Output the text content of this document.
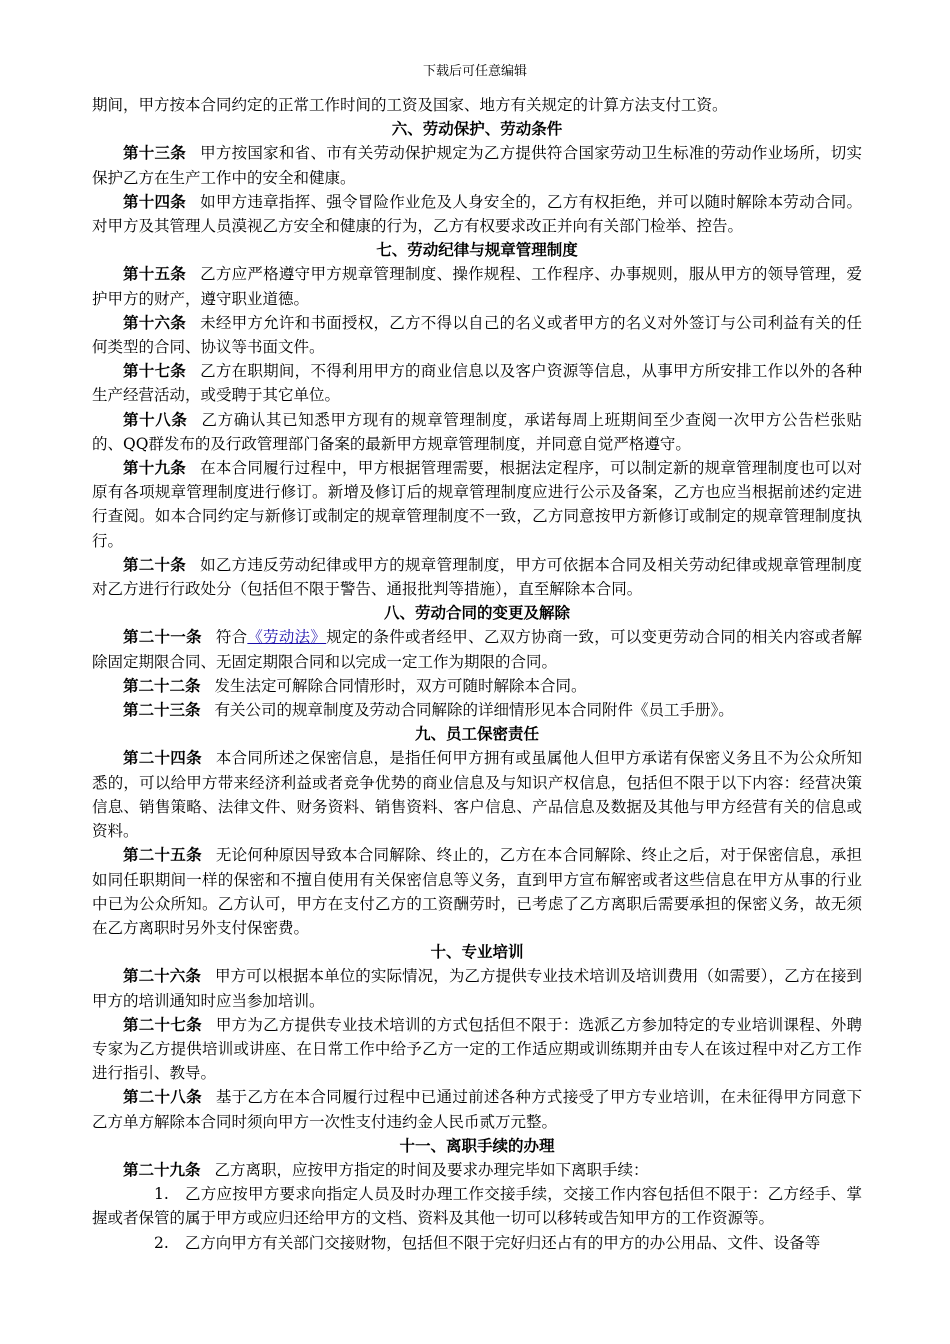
下载后可任意编辑

期间，甲方按本合同约定的正常工作时间的工资及国家、地方有关规定的计算方法支付工资。

六、劳动保护、劳动条件

第十三条 甲方按国家和省、市有关劳动保护规定为乙方提供符合国家劳动卫生标准的劳动作业场所，切实保护乙方在生产工作中的安全和健康。

第十四条 如甲方违章指挥、强令冒险作业危及人身安全的，乙方有权拒绝，并可以随时解除本劳动合同。对甲方及其管理人员漠视乙方安全和健康的行为，乙方有权要求改正并向有关部门检举、控告。

七、劳动纪律与规章管理制度

第十五条 乙方应严格遵守甲方规章管理制度、操作规程、工作程序、办事规则，服从甲方的领导管理，爱护甲方的财产，遵守职业道德。

第十六条 未经甲方允许和书面授权，乙方不得以自己的名义或者甲方的名义对外签订与公司利益有关的任何类型的合同、协议等书面文件。

第十七条 乙方在职期间，不得利用甲方的商业信息以及客户资源等信息，从事甲方所安排工作以外的各种生产经营活动，或受聘于其它单位。

第十八条 乙方确认其已知悉甲方现有的规章管理制度，承诺每周上班期间至少查阅一次甲方公告栏张贴的、QQ群发布的及行政管理部门备案的最新甲方规章管理制度，并同意自觉严格遵守。

第十九条 在本合同履行过程中，甲方根据管理需要，根据法定程序，可以制定新的规章管理制度也可以对原有各项规章管理制度进行修订。新增及修订后的规章管理制度应进行公示及备案，乙方也应当根据前述约定进行查阅。如本合同约定与新修订或制定的规章管理制度不一致，乙方同意按甲方新修订或制定的规章管理制度执行。

第二十条 如乙方违反劳动纪律或甲方的规章管理制度，甲方可依据本合同及相关劳动纪律或规章管理制度对乙方进行行政处分（包括但不限于警告、通报批判等措施），直至解除本合同。

八、劳动合同的变更及解除

第二十一条 符合《劳动法》规定的条件或者经甲、乙双方协商一致，可以变更劳动合同的相关内容或者解除固定期限合同、无固定期限合同和以完成一定工作为期限的合同。

第二十二条 发生法定可解除合同情形时，双方可随时解除本合同。

第二十三条 有关公司的规章制度及劳动合同解除的详细情形见本合同附件《员工手册》。

九、员工保密责任

第二十四条 本合同所述之保密信息，是指任何甲方拥有或虽属他人但甲方承诺有保密义务且不为公众所知悉的，可以给甲方带来经济利益或者竞争优势的商业信息及与知识产权信息，包括但不限于以下内容：经营决策信息、销售策略、法律文件、财务资料、销售资料、客户信息、产品信息及数据及其他与甲方经营有关的信息或资料。

第二十五条 无论何种原因导致本合同解除、终止的，乙方在本合同解除、终止之后，对于保密信息，承担如同任职期间一样的保密和不擅自使用有关保密信息等义务，直到甲方宣布解密或者这些信息在甲方从事的行业中已为公众所知。乙方认可，甲方在支付乙方的工资酬劳时，已考虑了乙方离职后需要承担的保密义务，故无须在乙方离职时另外支付保密费。

十、专业培训

第二十六条 甲方可以根据本单位的实际情况，为乙方提供专业技术培训及培训费用（如需要），乙方在接到甲方的培训通知时应当参加培训。

第二十七条 甲方为乙方提供专业技术培训的方式包括但不限于：选派乙方参加特定的专业培训课程、外聘专家为乙方提供培训或讲座、在日常工作中给予乙方一定的工作适应期或训练期并由专人在该过程中对乙方工作进行指引、教导。

第二十八条 基于乙方在本合同履行过程中已通过前述各种方式接受了甲方专业培训，在未征得甲方同意下乙方单方解除本合同时须向甲方一次性支付违约金人民币贰万元整。

十一、离职手续的办理

第二十九条 乙方离职，应按甲方指定的时间及要求办理完毕如下离职手续：

1. 乙方应按甲方要求向指定人员及时办理工作交接手续，交接工作内容包括但不限于：乙方经手、掌握或者保管的属于甲方或应归还给甲方的文档、资料及其他一切可以移转或告知甲方的工作资源等。

2. 乙方向甲方有关部门交接财物，包括但不限于完好归还占有的甲方的办公用品、文件、设备等
